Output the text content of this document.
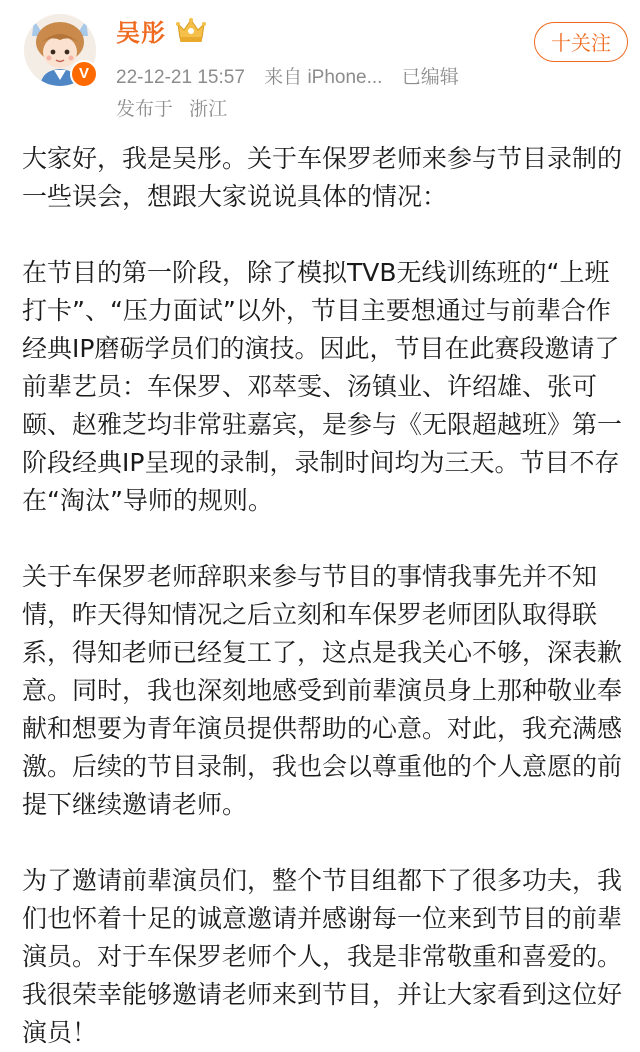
V
吴彤
22-12-21 15:57 来自 iPhone... 已编辑
发布于 浙江
十关注

大家好，我是吴彤。关于车保罗老师来参与节目录制的一些误会，想跟大家说说具体的情况：

在节目的第一阶段，除了模拟TVB无线训练班的“上班打卡”、“压力面试”以外，节目主要想通过与前辈合作经典IP磨砺学员们的演技。因此，节目在此赛段邀请了前辈艺员：车保罗、邓萃雯、汤镇业、许绍雄、张可颐、赵雅芝均非常驻嘉宾，是参与《无限超越班》第一阶段经典IP呈现的录制，录制时间均为三天。节目不存在“淘汰”导师的规则。

关于车保罗老师辞职来参与节目的事情我事先并不知情，昨天得知情况之后立刻和车保罗老师团队取得联系，得知老师已经复工了，这点是我关心不够，深表歉意。同时，我也深刻地感受到前辈演员身上那种敬业奉献和想要为青年演员提供帮助的心意。对此，我充满感激。后续的节目录制，我也会以尊重他的个人意愿的前提下继续邀请老师。

为了邀请前辈演员们，整个节目组都下了很多功夫，我们也怀着十足的诚意邀请并感谢每一位来到节目的前辈演员。对于车保罗老师个人，我是非常敬重和喜爱的。我很荣幸能够邀请老师来到节目，并让大家看到这位好演员！
